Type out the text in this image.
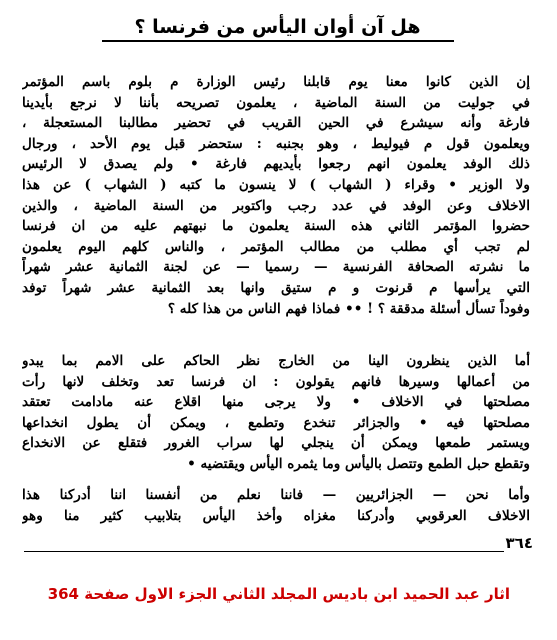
هل آن أوان اليأس من فرنسا ؟
إن الذين كانوا معنا يوم قابلنا رئيس الوزارة م بلوم باسم المؤتمر
في جوليت من السنة الماضية ، يعلمون تصريحه بأننا لا نرجع بأيدينا
فارغة وأنه سيشرع في الحين القريب في تحضير مطالبنا المستعجلة ،
ويعلمون قول م فيوليط ، وهو بجنبه : ستحضر قبل يوم الأحد ، ورجال
ذلك الوفد يعلمون انهم رجعوا بأيديهم فارغة • ولم يصدق لا الرئيس
ولا الوزير • وقراء ( الشهاب ) لا ينسون ما كتبه ( الشهاب ) عن هذا
الاخلاف وعن الوفد في عدد رجب واكتوبر من السنة الماضية ، والذين
حضروا المؤتمر الثاني هذه السنة يعلمون ما نبهتهم عليه من ان فرنسا
لم تجب أي مطلب من مطالب المؤتمر ، والناس كلهم اليوم يعلمون
ما نشرته الصحافة الفرنسية — رسميا — عن لجنة الثمانية عشر شهراً
التي يرأسها م قرنوت و م ستيق وانها بعد الثمانية عشر شهراً توفد
وفوداً تسأل أسئلة مدققة ؟ ! •• فماذا فهم الناس من هذا كله ؟
أما الذين ينظرون الينا من الخارج نظر الحاكم على الامم بما يبدو
من أعمالها وسيرها فانهم يقولون : ان فرنسا تعد وتخلف لانها رأت
مصلحتها في الاخلاف • ولا يرجى منها اقلاع عنه مادامت تعتقد
مصلحتها فيه • والجزائر تنخدع وتطمع ، ويمكن أن يطول انخداعها
ويستمر طمعها ويمكن أن ينجلي لها سراب الغرور فتقلع عن الانخداع
وتقطع حبل الطمع وتتصل باليأس وما يثمره اليأس ويقتضيه •
وأما نحن — الجزائريين — فاننا نعلم من أنفسنا اننا أدركنا هذا
الاخلاف العرقوبي وأدركنا مغزاه وأخذ اليأس بتلابيب كثير منا وهو
٣٦٤
اثار عبد الحميد ابن باديس المجلد الثاني الجزء الاول صفحة 364
